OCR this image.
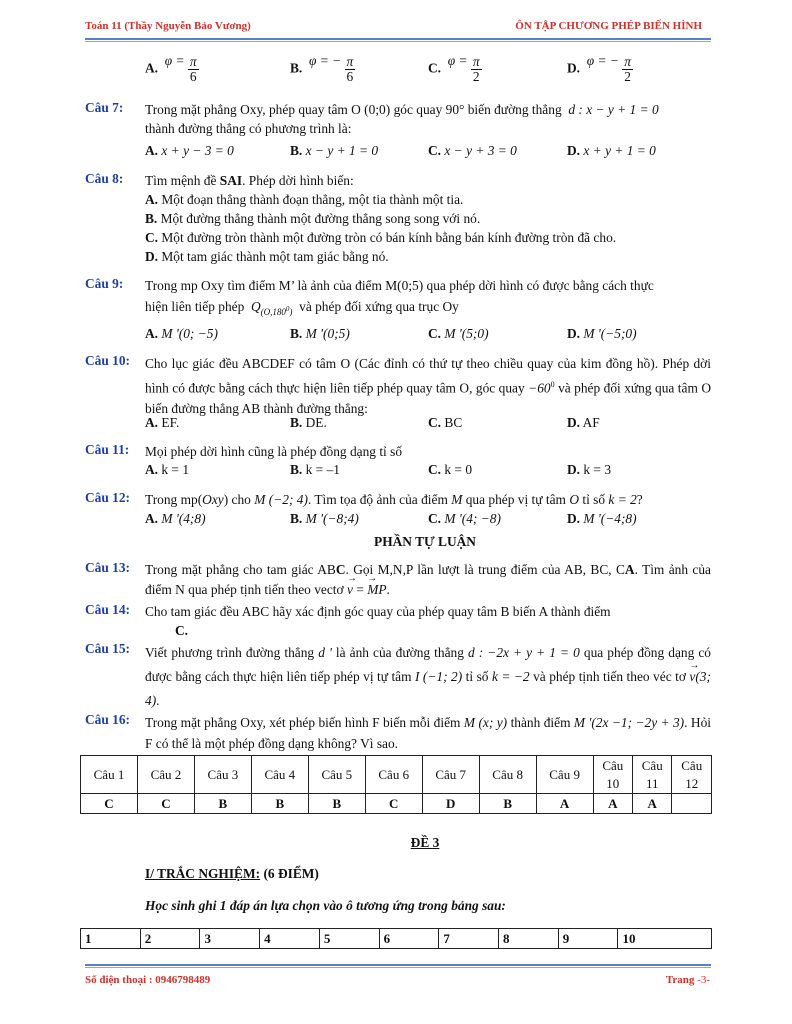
Toán 11 (Thầy Nguyễn Bảo Vương)	ÔN TẬP CHƯƠNG PHÉP BIẾN HÌNH
A.  $\varphi = \frac{\pi}{6}$	B.  φ = − $\frac{\pi}{6}$	C.  $\varphi = \frac{\pi}{2}$	D.  φ = − $\frac{\pi}{2}$
Câu 7: Trong mặt phẳng Oxy, phép quay tâm O (0;0) góc quay 90° biến đường thẳng d : x − y + 1 = 0
thành đường thẳng có phương trình là:
A. x + y − 3 = 0	B. x − y + 1 = 0	C. x − y + 3 = 0	D. x + y + 1 = 0
Câu 8: Tìm mệnh đề SAI. Phép dời hình biến:
A. Một đoạn thẳng thành đoạn thẳng, một tia thành một tia.
B. Một đường thẳng thành một đường thẳng song song với nó.
C. Một đường tròn thành một đường tròn có bán kính bằng bán kính đường tròn đã cho.
D. Một tam giác thành một tam giác bằng nó.
Câu 9: Trong mp Oxy tìm điểm M’ là ảnh của điểm M(0;5) qua phép dời hình có được bằng cách thực
hiện liên tiếp phép $Q_{(O,180^0)}$ và phép đối xứng qua trục Oy
A. M '(0; −5)	B. M '(0;5)	C. M '(5;0)	D. M '(−5;0)
Câu 10: Cho lục giác đều ABCDEF có tâm O (Các đỉnh có thứ tự theo chiều quay của kim đồng hồ). Phép dời hình có được bằng cách thực hiện liên tiếp phép quay tâm O, góc quay $-60^0$ và phép đối xứng qua tâm O biến đường thẳng AB thành đường thẳng:
A. EF.	B. DE.	C. BC	D. AF
Câu 11: Mọi phép dời hình cũng là phép đồng dạng tỉ số
A. k = 1	B. k = –1	C. k = 0	D. k = 3
Câu 12: Trong mp(Oxy) cho M (−2; 4). Tìm tọa độ ảnh của điểm M qua phép vị tự tâm O tỉ số k = 2?
A. M '(4;8)	B. M '(−8;4)	C. M '(4; −8)	D. M '(−4;8)
PHẦN TỰ LUẬN
Câu 13: Trong mặt phẳng cho tam giác ABC. Gọi M,N,P lần lượt là trung điểm của AB, BC, CA. Tìm ảnh của điểm N qua phép tịnh tiến theo vectơ → v = → MP.
Câu 14: Cho tam giác đều ABC hãy xác định góc quay của phép quay tâm B biến A thành điểm
C.
Câu 15: Viết phương trình đường thẳng d ' là ảnh của đường thẳng d : −2x + y + 1 = 0 qua phép đồng dạng có được bằng cách thực hiện liên tiếp phép vị tự tâm I (−1; 2) tỉ số k = −2 và phép tịnh tiến theo véc tơ → v(3; 4).
Câu 16: Trong mặt phẳng Oxy, xét phép biến hình F biến mỗi điểm M (x; y) thành điểm M '(2x −1; −2y + 3). Hỏi F có thể là một phép đồng dạng không? Vì sao.
Câu 1	Câu 2	Câu 3	Câu 4	Câu 5	Câu 6	Câu 7	Câu 8	Câu 9	Câu
10	Câu
11	Câu
12
C	C	B	B	B	C	D	B	A	A	A	
ĐỀ 3
I/ TRẮC NGHIỆM: (6 ĐIỂM)
Học sinh ghi 1 đáp án lựa chọn vào ô tương ứng trong bảng sau:
1	2	3	4	5	6	7	8	9	10
Số điện thoại : 0946798489	Trang -3-
